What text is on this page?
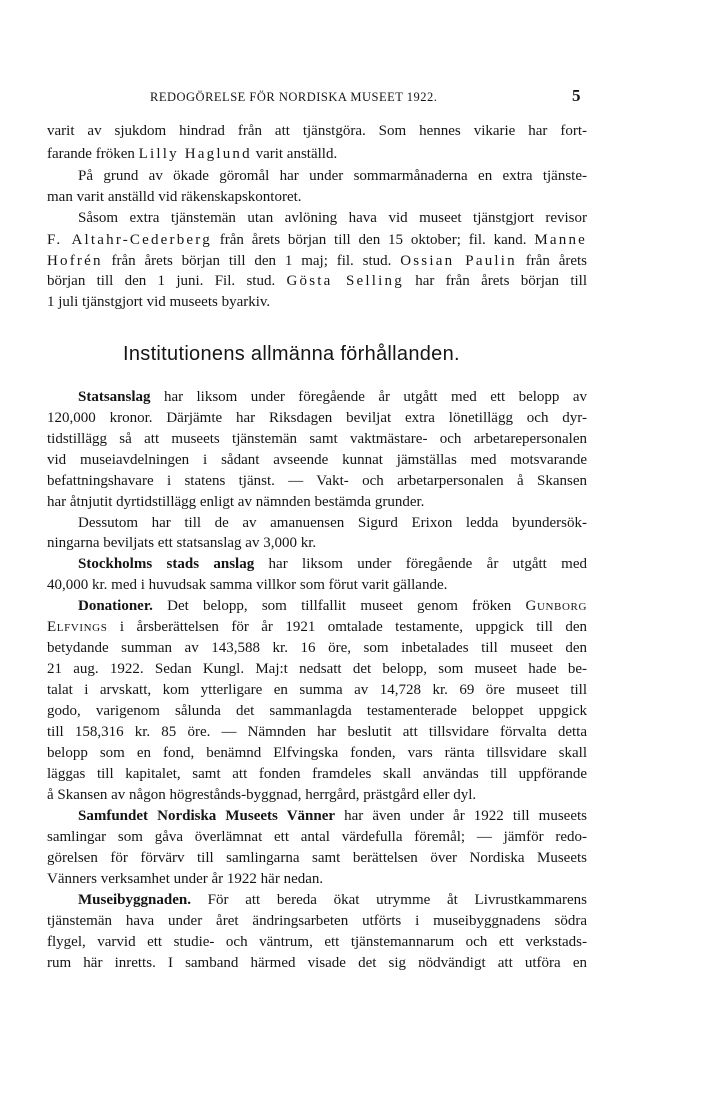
REDOGÖRELSE FÖR NORDISKA MUSEET 1922.	5
varit av sjukdom hindrad från att tjänstgöra. Som hennes vikarie har fort-
farande fröken Lilly Haglund varit anställd.
På grund av ökade göromål har under sommarmånaderna en extra tjänste-
man varit anställd vid räkenskapskontoret.
Såsom extra tjänstemän utan avlöning hava vid museet tjänstgjort revisor
F. Altahr-Cederberg från årets början till den 15 oktober; fil. kand. Manne
Hofrén från årets början till den 1 maj; fil. stud. Ossian Paulin från årets
början till den 1 juni. Fil. stud. Gösta Selling har från årets början till
1 juli tjänstgjort vid museets byarkiv.
Institutionens allmänna förhållanden.
Statsanslag har liksom under föregående år utgått med ett belopp av
120,000 kronor. Därjämte har Riksdagen beviljat extra lönetillägg och dyr-
tidstillägg så att museets tjänstemän samt vaktmästare- och arbetarepersonalen
vid museiavdelningen i sådant avseende kunnat jämställas med motsvarande
befattningshavare i statens tjänst. — Vakt- och arbetarpersonalen å Skansen
har åtnjutit dyrtidstillägg enligt av nämnden bestämda grunder.
Dessutom har till de av amanuensen Sigurd Erixon ledda byundersök-
ningarna beviljats ett statsanslag av 3,000 kr.
Stockholms stads anslag har liksom under föregående år utgått med
40,000 kr. med i huvudsak samma villkor som förut varit gällande.
Donationer. Det belopp, som tillfallit museet genom fröken Gunborg
Elfvings i årsberättelsen för år 1921 omtalade testamente, uppgick till den
betydande summan av 143,588 kr. 16 öre, som inbetalades till museet den
21 aug. 1922. Sedan Kungl. Maj:t nedsatt det belopp, som museet hade be-
talat i arvskatt, kom ytterligare en summa av 14,728 kr. 69 öre museet till
godo, varigenom sålunda det sammanlagda testamenterade beloppet uppgick
till 158,316 kr. 85 öre. — Nämnden har beslutit att tillsvidare förvalta detta
belopp som en fond, benämnd Elfvingska fonden, vars ränta tillsvidare skall
läggas till kapitalet, samt att fonden framdeles skall användas till uppförande
å Skansen av någon högrestånds-byggnad, herrgård, prästgård eller dyl.
Samfundet Nordiska Museets Vänner har även under år 1922 till museets
samlingar som gåva överlämnat ett antal värdefulla föremål; — jämför redo-
görelsen för förvärv till samlingarna samt berättelsen över Nordiska Museets
Vänners verksamhet under år 1922 här nedan.
Museibyggnaden. För att bereda ökat utrymme åt Livrustkammarens
tjänstemän hava under året ändringsarbeten utförts i museibyggnadens södra
flygel, varvid ett studie- och väntrum, ett tjänstemannarum och ett verkstads-
rum här inretts. I samband härmed visade det sig nödvändigt att utföra en
